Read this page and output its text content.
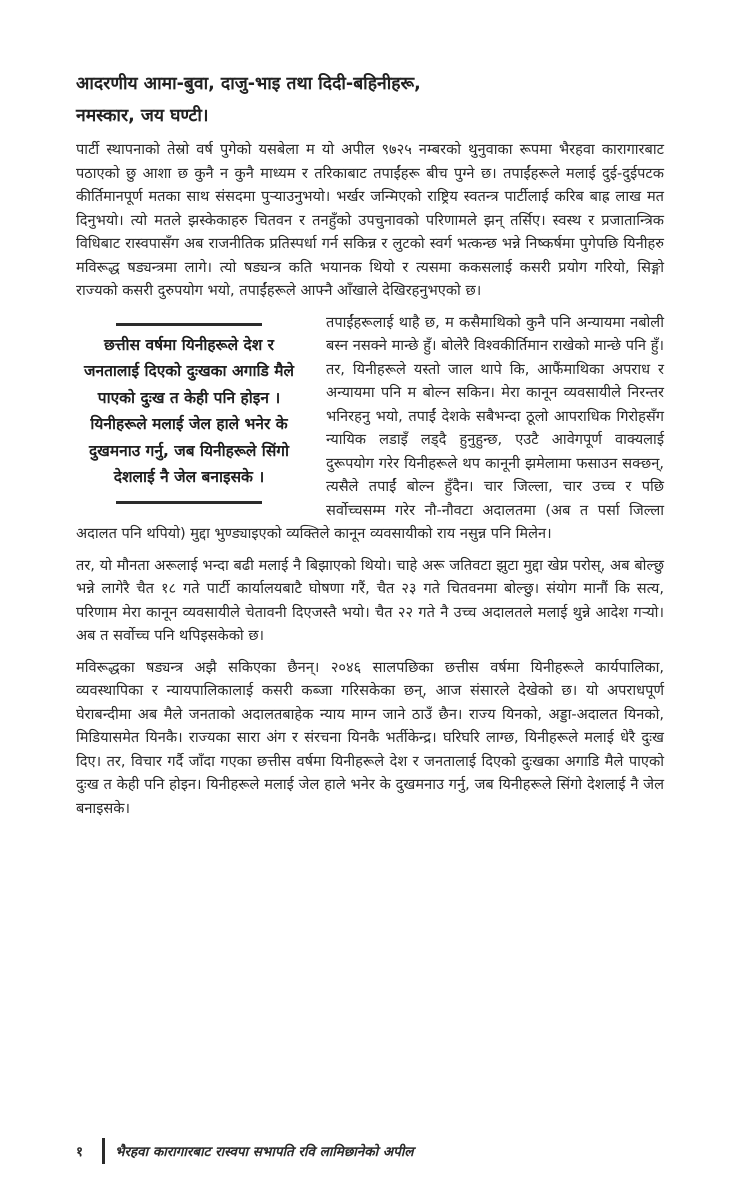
आदरणीय आमा-बुवा, दाजु-भाइ तथा दिदी-बहिनीहरू,
नमस्कार, जय घण्टी।

पार्टी स्थापनाको तेस्रो वर्ष पुगेको यसबेला म यो अपील ९७२५ नम्बरको थुनुवाका रूपमा भैरहवा कारागारबाट पठाएको छु आशा छ कुनै न कुनै माध्यम र तरिकाबाट तपाईंहरू बीच पुग्ने छ। तपाईंहरूले मलाई दुई-दुईपटक कीर्तिमानपूर्ण मतका साथ संसदमा पुऱ्याउनुभयो। भर्खर जन्मिएको राष्ट्रिय स्वतन्त्र पार्टीलाई करिब बाह्र लाख मत दिनुभयो। त्यो मतले झस्केकाहरु चितवन र तनहुँको उपचुनावको परिणामले झन् तर्सिए। स्वस्थ र प्रजातान्त्रिक विधिबाट रास्वपासँग अब राजनीतिक प्रतिस्पर्धा गर्न सकिन्न र लुटको स्वर्ग भत्कन्छ भन्ने निष्कर्षमा पुगेपछि यिनीहरु मविरूद्ध षड्यन्त्रमा लागे। त्यो षड्यन्त्र कति भयानक थियो र त्यसमा ककसलाई कसरी प्रयोग गरियो, सिङ्गो राज्यको कसरी दुरुपयोग भयो, तपाईंहरूले आफ्नै आँखाले देखिरहनुभएको छ।

छत्तीस वर्षमा यिनीहरूले देश र जनतालाई दिएको दुःखका अगाडि मैले पाएको दुःख त केही पनि होइन । यिनीहरूले मलाई जेल हाले भनेर के दुखमनाउ गर्नु, जब यिनीहरूले सिंगो देशलाई नै जेल बनाइसके ।

तपाईंहरूलाई थाहै छ, म कसैमाथिको कुनै पनि अन्यायमा नबोली बस्न नसक्ने मान्छे हुँ। बोलेरै विश्वकीर्तिमान राखेको मान्छे पनि हुँ। तर, यिनीहरूले यस्तो जाल थापे कि, आफैंमाथिका अपराध र अन्यायमा पनि म बोल्न सकिन। मेरा कानून व्यवसायीले निरन्तर भनिरहनु भयो, तपाईं देशके सबैभन्दा ठूलो आपराधिक गिरोहसँग न्यायिक लडाइँ लड्दै हुनुहुन्छ, एउटै आवेगपूर्ण वाक्यलाई दुरूपयोग गरेर यिनीहरूले थप कानूनी झमेलामा फसाउन सक्छन्, त्यसैले तपाईं बोल्न हुँदैन। चार जिल्ला, चार उच्च र पछि सर्वोच्चसम्म गरेर नौ-नौवटा अदालतमा (अब त पर्सा जिल्ला अदालत पनि थपियो) मुद्दा भुण्ड्याइएको व्यक्तिले कानून व्यवसायीको राय नसुन्न पनि मिलेन।

तर, यो मौनता अरूलाई भन्दा बढी मलाई नै बिझाएको थियो। चाहे अरू जतिवटा झुटा मुद्दा खेप्न परोस्, अब बोल्छु भन्ने लागेरै चैत १८ गते पार्टी कार्यालयबाटै घोषणा गरैं, चैत २३ गते चितवनमा बोल्छु। संयोग मानौं कि सत्य, परिणाम मेरा कानून व्यवसायीले चेतावनी दिएजस्तै भयो। चैत २२ गते नै उच्च अदालतले मलाई थुन्ने आदेश गऱ्यो। अब त सर्वोच्च पनि थपिइसकेको छ।

मविरूद्धका षड्यन्त्र अझै सकिएका छैनन्। २०४६ सालपछिका छत्तीस वर्षमा यिनीहरूले कार्यपालिका, व्यवस्थापिका र न्यायपालिकालाई कसरी कब्जा गरिसकेका छन्, आज संसारले देखेको छ। यो अपराधपूर्ण घेराबन्दीमा अब मैले जनताको अदालतबाहेक न्याय माग्न जाने ठाउँ छैन। राज्य यिनको, अड्डा-अदालत यिनको, मिडियासमेत यिनकै। राज्यका सारा अंग र संरचना यिनकै भर्तीकेन्द्र। घरिघरि लाग्छ, यिनीहरूले मलाई धेरै दुःख दिए। तर, विचार गर्दै जाँदा गएका छत्तीस वर्षमा यिनीहरूले देश र जनतालाई दिएको दुःखका अगाडि मैले पाएको दुःख त केही पनि होइन। यिनीहरूले मलाई जेल हाले भनेर के दुखमनाउ गर्नु, जब यिनीहरूले सिंगो देशलाई नै जेल बनाइसके।

१	भैरहवा कारागारबाट रास्वपा सभापति रवि लामिछानेको अपील
